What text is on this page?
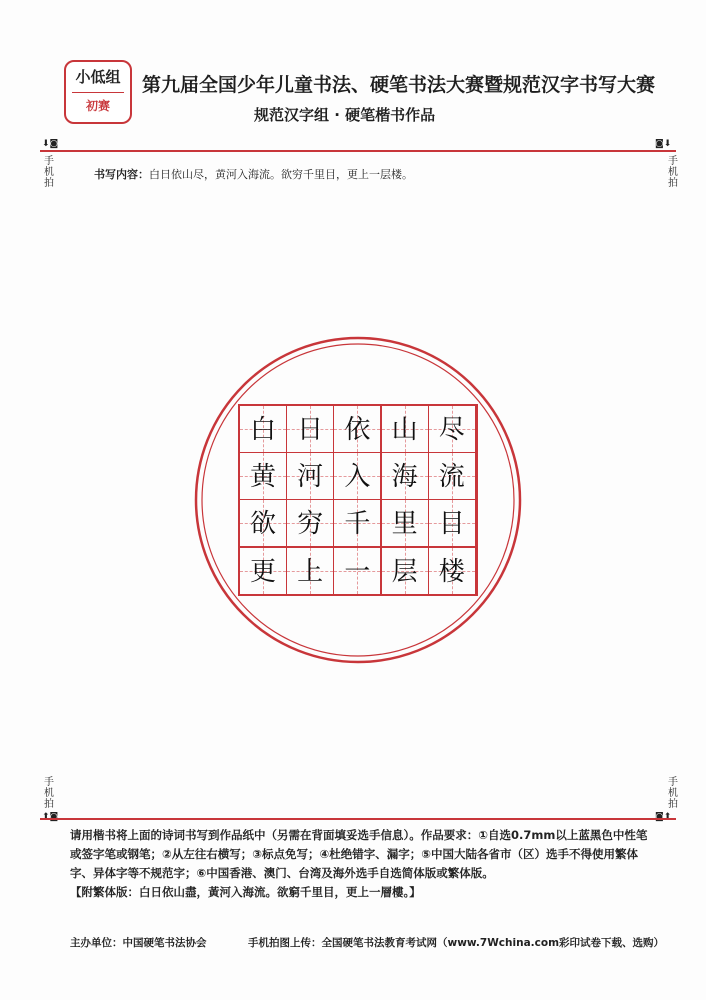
小低组
初赛
第九届全国少年儿童书法、硬笔书法大赛暨规范汉字书写大赛
规范汉字组 · 硬笔楷书作品
⬇◙
手
机
拍
◙⬇
手
机
拍
书写内容：白日依山尽，黄河入海流。欲穷千里目，更上一层楼。
白 日 依 山 尽
黄 河 入 海 流
欲 穷 千 里 目
更 上 一 层 楼
手
机
拍
⬆◙
手
机
拍
◙⬆
请用楷书将上面的诗词书写到作品纸中（另需在背面填妥选手信息）。作品要求：①自选0.7mm以上蓝黑色中性笔或签字笔或钢笔；②从左往右横写；③标点免写；④杜绝错字、漏字；⑤中国大陆各省市（区）选手不得使用繁体字、异体字等不规范字；⑥中国香港、澳门、台湾及海外选手自选简体版或繁体版。
【附繁体版：白日依山盡，黃河入海流。欲窮千里目，更上一層樓。】
主办单位：中国硬笔书法协会	手机拍图上传：全国硬笔书法教育考试网（www.7Wchina.com彩印试卷下载、选购）
